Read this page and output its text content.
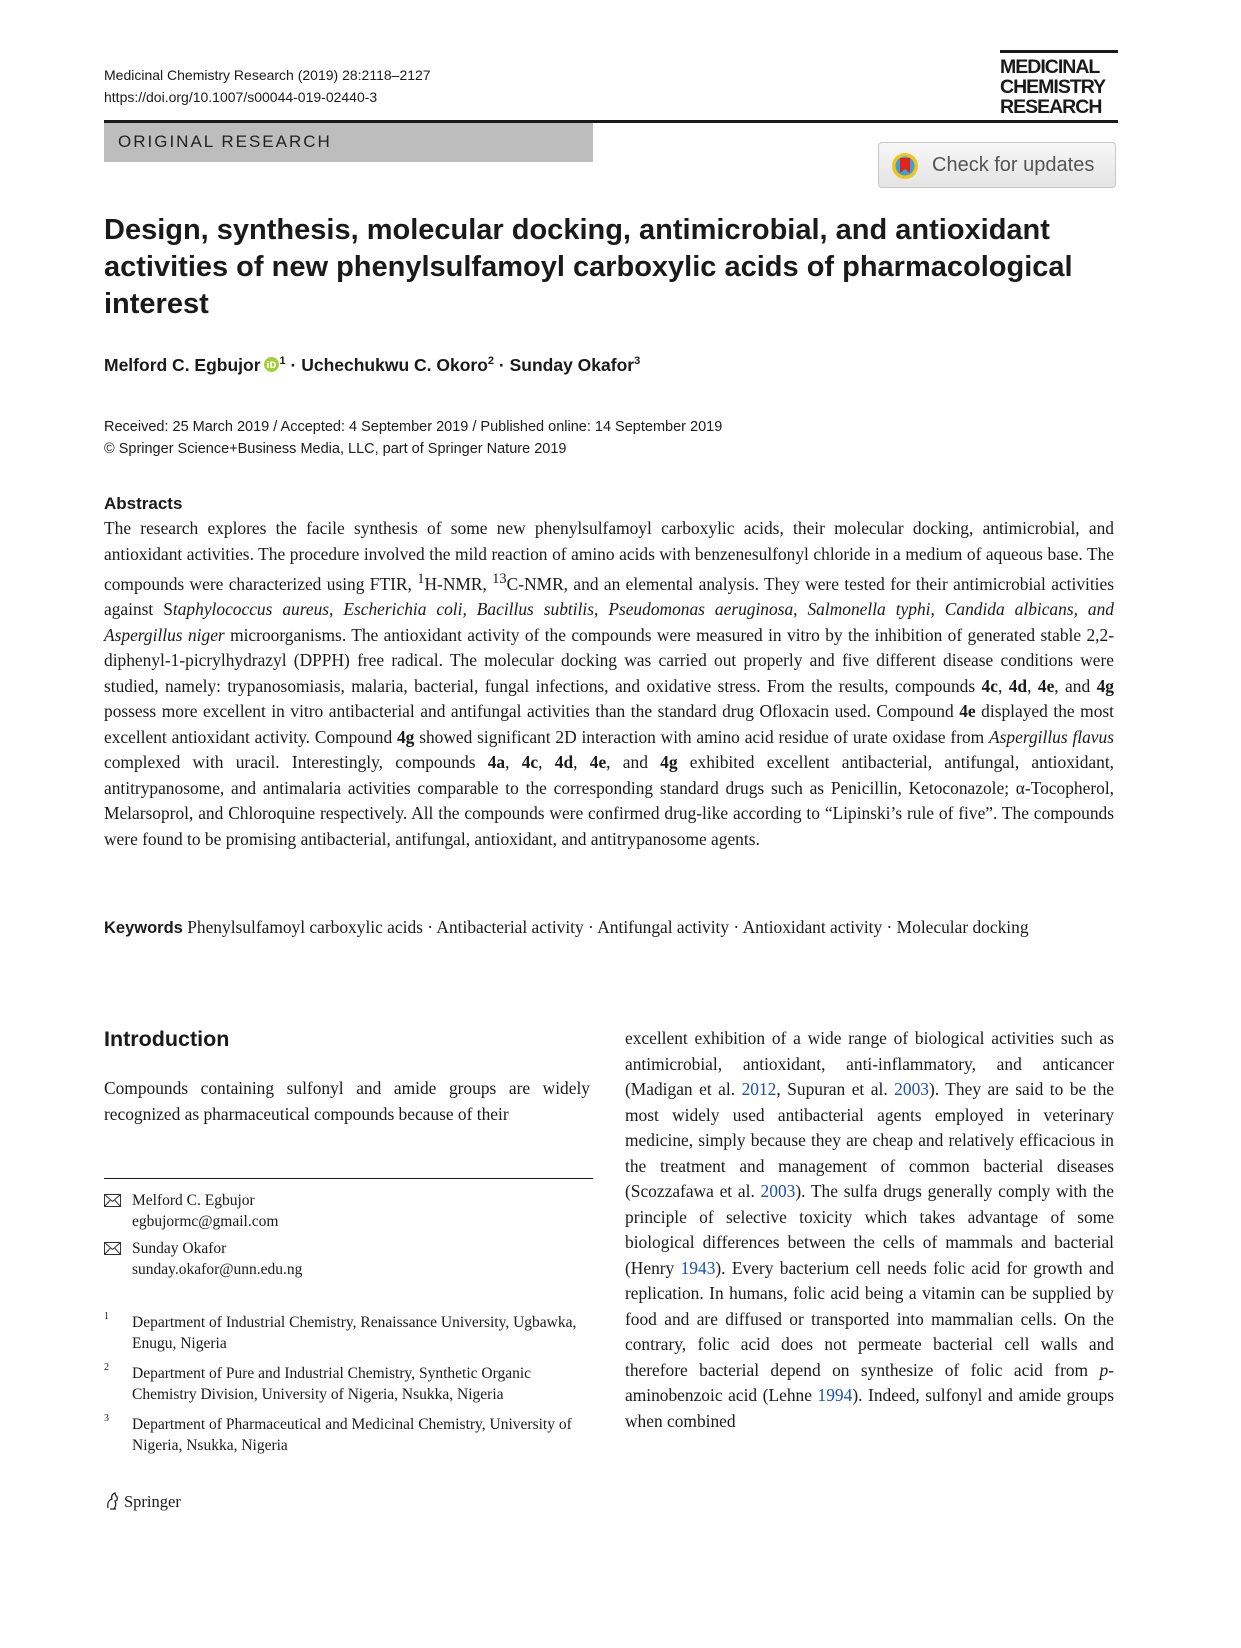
Medicinal Chemistry Research (2019) 28:2118–2127
https://doi.org/10.1007/s00044-019-02440-3
MEDICINAL
CHEMISTRY
RESEARCH
ORIGINAL RESEARCH
Check for updates
Design, synthesis, molecular docking, antimicrobial, and antioxidant activities of new phenylsulfamoyl carboxylic acids of pharmacological interest
Melford C. Egbujor iD $^1$ · Uchechukwu C. Okoro$^2$ · Sunday Okafor$^3$
Received: 25 March 2019 / Accepted: 4 September 2019 / Published online: 14 September 2019
© Springer Science+Business Media, LLC, part of Springer Nature 2019
Abstracts

The research explores the facile synthesis of some new phenylsulfamoyl carboxylic acids, their molecular docking, antimicrobial, and antioxidant activities. The procedure involved the mild reaction of amino acids with benzenesulfonyl chloride in a medium of aqueous base. The compounds were characterized using FTIR, $^1$H-NMR, $^{13}$C-NMR, and an elemental analysis. They were tested for their antimicrobial activities against Staphylococcus aureus, Escherichia coli, Bacillus subtilis, Pseudomonas aeruginosa, Salmonella typhi, Candida albicans, and Aspergillus niger microorganisms. The antioxidant activity of the compounds were measured in vitro by the inhibition of generated stable 2,2-diphenyl-1-picrylhydrazyl (DPPH) free radical. The molecular docking was carried out properly and five different disease conditions were studied, namely: trypanosomiasis, malaria, bacterial, fungal infections, and oxidative stress. From the results, compounds 4c, 4d, 4e, and 4g possess more excellent in vitro antibacterial and antifungal activities than the standard drug Ofloxacin used. Compound 4e displayed the most excellent antioxidant activity. Compound 4g showed significant 2D interaction with amino acid residue of urate oxidase from Aspergillus flavus complexed with uracil. Interestingly, compounds 4a, 4c, 4d, 4e, and 4g exhibited excellent antibacterial, antifungal, antioxidant, antitrypanosome, and antimalaria activities comparable to the corresponding standard drugs such as Penicillin, Ketoconazole; α-Tocopherol, Melarsoprol, and Chloroquine respectively. All the compounds were confirmed drug-like according to “Lipinski’s rule of five”. The compounds were found to be promising antibacterial, antifungal, antioxidant, and antitrypanosome agents.

Keywords Phenylsulfamoyl carboxylic acids · Antibacterial activity · Antifungal activity · Antioxidant activity · Molecular docking

Introduction

Compounds containing sulfonyl and amide groups are widely recognized as pharmaceutical compounds because of their

Melford C. Egbujor
egbujormc@gmail.com
Sunday Okafor
sunday.okafor@unn.edu.ng
1 Department of Industrial Chemistry, Renaissance University, Ugbawka, Enugu, Nigeria
2 Department of Pure and Industrial Chemistry, Synthetic Organic Chemistry Division, University of Nigeria, Nsukka, Nigeria
3 Department of Pharmaceutical and Medicinal Chemistry, University of Nigeria, Nsukka, Nigeria

excellent exhibition of a wide range of biological activities such as antimicrobial, antioxidant, anti-inflammatory, and anticancer (Madigan et al. 2012, Supuran et al. 2003). They are said to be the most widely used antibacterial agents employed in veterinary medicine, simply because they are cheap and relatively efficacious in the treatment and management of common bacterial diseases (Scozzafawa et al. 2003). The sulfa drugs generally comply with the principle of selective toxicity which takes advantage of some biological differences between the cells of mammals and bacterial (Henry 1943). Every bacterium cell needs folic acid for growth and replication. In humans, folic acid being a vitamin can be supplied by food and are diffused or transported into mammalian cells. On the contrary, folic acid does not permeate bacterial cell walls and therefore bacterial depend on synthesize of folic acid from p-aminobenzoic acid (Lehne 1994). Indeed, sulfonyl and amide groups when combined

Springer
